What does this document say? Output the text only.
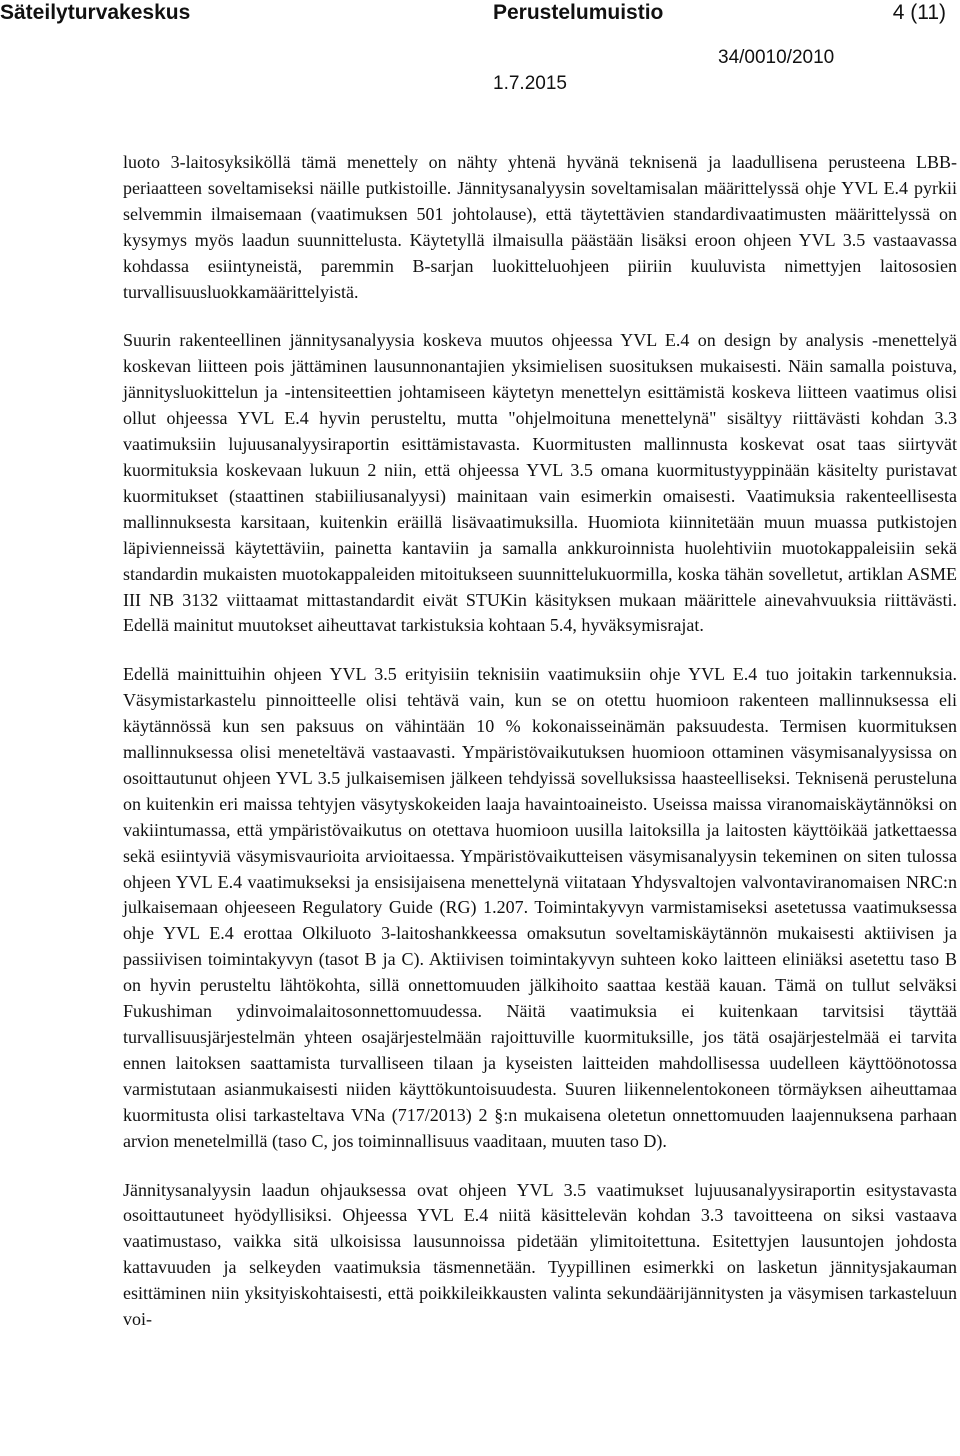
Säteilyturvakeskus	Perustelumuistio	4 (11)
34/0010/2010
1.7.2015

luoto 3-laitosyksiköllä tämä menettely on nähty yhtenä hyvänä teknisenä ja laadullisena perusteena LBB-periaatteen soveltamiseksi näille putkistoille. Jännitysanalyysin soveltamisalan määrittelyssä ohje YVL E.4 pyrkii selvemmin ilmaisemaan (vaatimuksen 501 johtolause), että täytettävien standardivaatimusten määrittelyssä on kysymys myös laadun suunnittelusta. Käytetyllä ilmaisulla päästään lisäksi eroon ohjeen YVL 3.5 vastaavassa kohdassa esiintyneistä, paremmin B-sarjan luokitteluohjeen piiriin kuuluvista nimettyjen laitososien turvallisuusluokkamäärittelyistä.

Suurin rakenteellinen jännitysanalyysia koskeva muutos ohjeessa YVL E.4 on design by analysis -menettelyä koskevan liitteen pois jättäminen lausunnonantajien yksimielisen suosituksen mukaisesti. Näin samalla poistuva, jännitysluokittelun ja -intensiteettien johtamiseen käytetyn menettelyn esittämistä koskeva liitteen vaatimus olisi ollut ohjeessa YVL E.4 hyvin perusteltu, mutta "ohjelmoituna menettelynä" sisältyy riittävästi kohdan 3.3 vaatimuksiin lujuusanalyysiraportin esittämistavasta. Kuormitusten mallinnusta koskevat osat taas siirtyvät kuormituksia koskevaan lukuun 2 niin, että ohjeessa YVL 3.5 omana kuormitustyyppinään käsitelty puristavat kuormitukset (staattinen stabiiliusanalyysi) mainitaan vain esimerkin omaisesti. Vaatimuksia rakenteellisesta mallinnuksesta karsitaan, kuitenkin eräillä lisävaatimuksilla. Huomiota kiinnitetään muun muassa putkistojen läpivienneissä käytettäviin, painetta kantaviin ja samalla ankkuroinnista huolehtiviin muotokappaleisiin sekä standardin mukaisten muotokappaleiden mitoitukseen suunnittelukuormilla, koska tähän sovelletut, artiklan ASME III NB 3132 viittaamat mittastandardit eivät STUKin käsityksen mukaan määrittele ainevahvuuksia riittävästi. Edellä mainitut muutokset aiheuttavat tarkistuksia kohtaan 5.4, hyväksymisrajat.

Edellä mainittuihin ohjeen YVL 3.5 erityisiin teknisiin vaatimuksiin ohje YVL E.4 tuo joitakin tarkennuksia. Väsymistarkastelu pinnoitteelle olisi tehtävä vain, kun se on otettu huomioon rakenteen mallinnuksessa eli käytännössä kun sen paksuus on vähintään 10 % kokonaisseinämän paksuudesta. Termisen kuormituksen mallinnuksessa olisi meneteltävä vastaavasti. Ympäristövaikutuksen huomioon ottaminen väsymisanalyysissa on osoittautunut ohjeen YVL 3.5 julkaisemisen jälkeen tehdyissä sovelluksissa haasteelliseksi. Teknisenä perusteluna on kuitenkin eri maissa tehtyjen väsytyskokeiden laaja havaintoaineisto. Useissa maissa viranomaiskäytännöksi on vakiintumassa, että ympäristövaikutus on otettava huomioon uusilla laitoksilla ja laitosten käyttöikää jatkettaessa sekä esiintyviä väsymisvaurioita arvioitaessa. Ympäristövaikutteisen väsymisanalyysin tekeminen on siten tulossa ohjeen YVL E.4 vaatimukseksi ja ensisijaisena menettelynä viitataan Yhdysvaltojen valvontaviranomaisen NRC:n julkaisemaan ohjeeseen Regulatory Guide (RG) 1.207. Toimintakyvyn varmistamiseksi asetetussa vaatimuksessa ohje YVL E.4 erottaa Olkiluoto 3-laitoshankkeessa omaksutun soveltamiskäytännön mukaisesti aktiivisen ja passiivisen toimintakyvyn (tasot B ja C). Aktiivisen toimintakyvyn suhteen koko laitteen eliniäksi asetettu taso B on hyvin perusteltu lähtökohta, sillä onnettomuuden jälkihoito saattaa kestää kauan. Tämä on tullut selväksi Fukushiman ydinvoimalaitosonnettomuudessa. Näitä vaatimuksia ei kuitenkaan tarvitsisi täyttää turvallisuusjärjestelmän yhteen osajärjestelmään rajoittuville kuormituksille, jos tätä osajärjestelmää ei tarvita ennen laitoksen saattamista turvalliseen tilaan ja kyseisten laitteiden mahdollisessa uudelleen käyttöönotossa varmistutaan asianmukaisesti niiden käyttökuntoisuudesta. Suuren liikennelentokoneen törmäyksen aiheuttamaa kuormitusta olisi tarkasteltava VNa (717/2013) 2 §:n mukaisena oletetun onnettomuuden laajennuksena parhaan arvion menetelmillä (taso C, jos toiminnallisuus vaaditaan, muuten taso D).

Jännitysanalyysin laadun ohjauksessa ovat ohjeen YVL 3.5 vaatimukset lujuusanalyysiraportin esitystavasta osoittautuneet hyödyllisiksi. Ohjeessa YVL E.4 niitä käsittelevän kohdan 3.3 tavoitteena on siksi vastaava vaatimustaso, vaikka sitä ulkoisissa lausunnoissa pidetään ylimitoitettuna. Esitettyjen lausuntojen johdosta kattavuuden ja selkeyden vaatimuksia täsmennetään. Tyypillinen esimerkki on lasketun jännitysjakauman esittäminen niin yksityiskohtaisesti, että poikkileikkausten valinta sekundäärijännitysten ja väsymisen tarkasteluun voi-
